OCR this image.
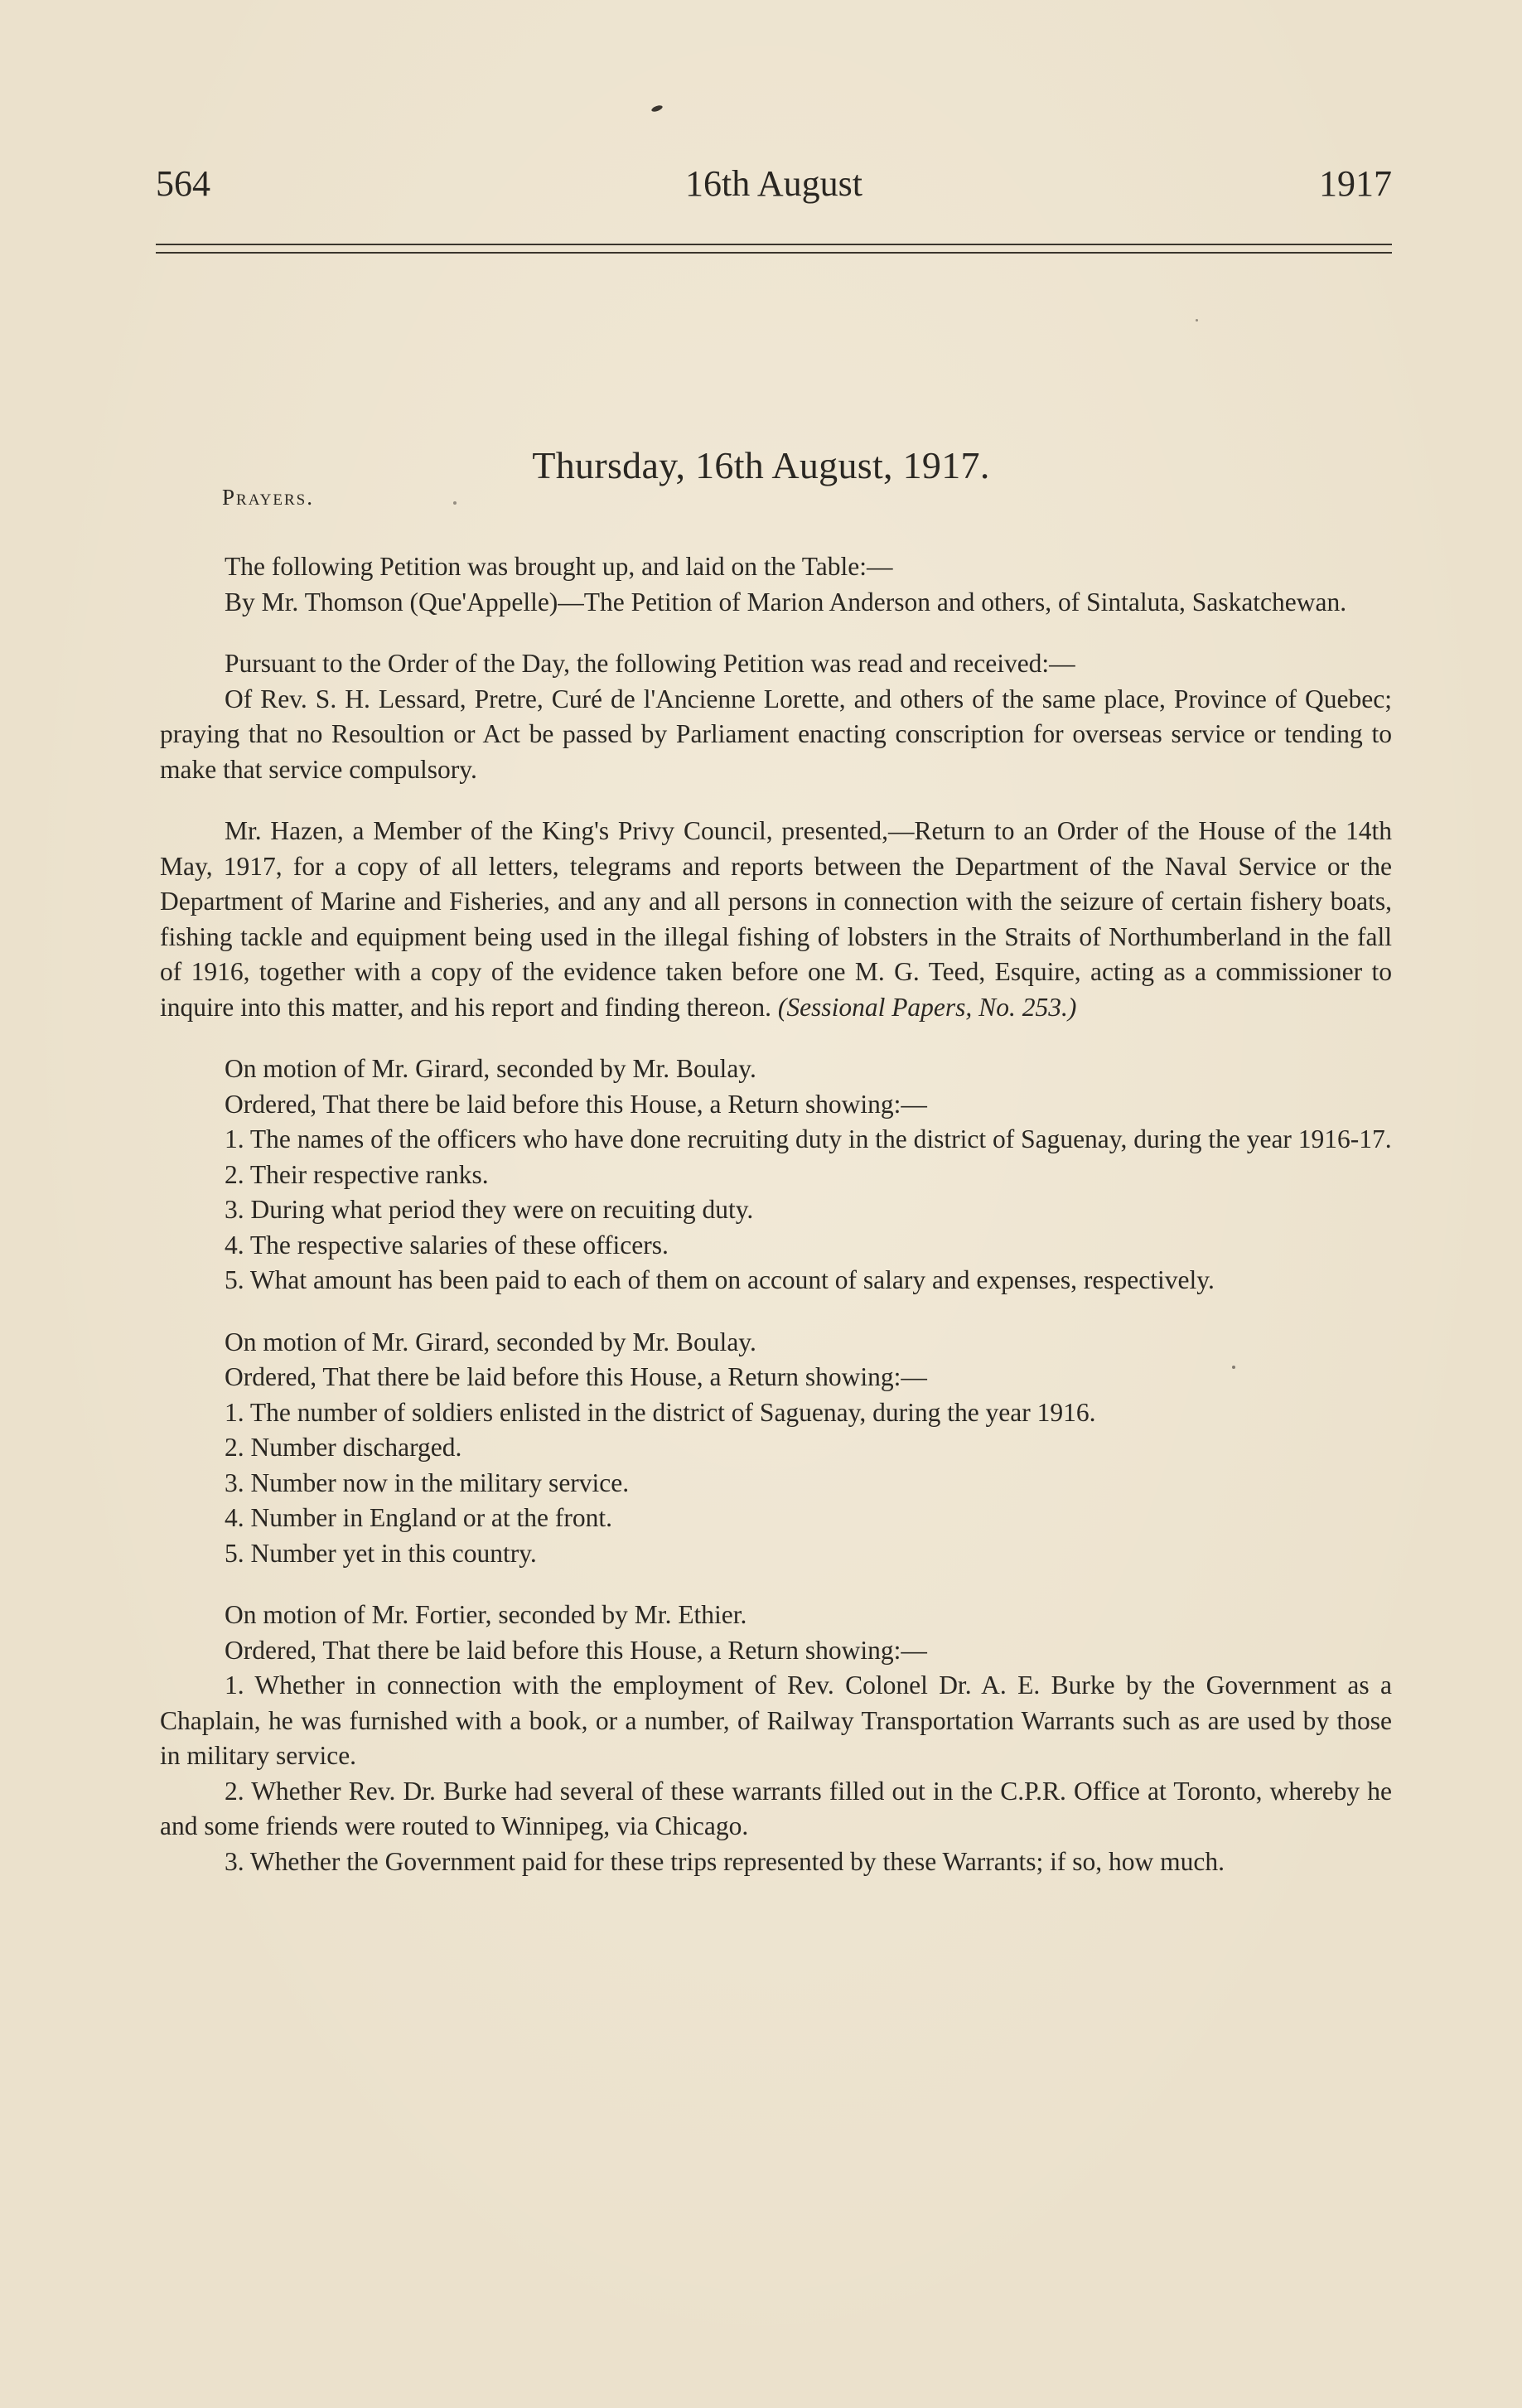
564	16th August	1917
Thursday, 16th August, 1917.
Prayers.

The following Petition was brought up, and laid on the Table:—

By Mr. Thomson (Que'Appelle)—The Petition of Marion Anderson and others, of Sintaluta, Saskatchewan.

Pursuant to the Order of the Day, the following Petition was read and received:—

Of Rev. S. H. Lessard, Pretre, Curé de l'Ancienne Lorette, and others of the same place, Province of Quebec; praying that no Resoultion or Act be passed by Parliament enacting conscription for overseas service or tending to make that service compulsory.

Mr. Hazen, a Member of the King's Privy Council, presented,—Return to an Order of the House of the 14th May, 1917, for a copy of all letters, telegrams and reports between the Department of the Naval Service or the Department of Marine and Fisheries, and any and all persons in connection with the seizure of certain fishery boats, fishing tackle and equipment being used in the illegal fishing of lobsters in the Straits of Northumberland in the fall of 1916, together with a copy of the evidence taken before one M. G. Teed, Esquire, acting as a commissioner to inquire into this matter, and his report and finding thereon. (Sessional Papers, No. 253.)

On motion of Mr. Girard, seconded by Mr. Boulay.

Ordered, That there be laid before this House, a Return showing:—

1. The names of the officers who have done recruiting duty in the district of Saguenay, during the year 1916-17.

2. Their respective ranks.

3. During what period they were on recuiting duty.

4. The respective salaries of these officers.

5. What amount has been paid to each of them on account of salary and expenses, respectively.

On motion of Mr. Girard, seconded by Mr. Boulay.

Ordered, That there be laid before this House, a Return showing:—

1. The number of soldiers enlisted in the district of Saguenay, during the year 1916.

2. Number discharged.

3. Number now in the military service.

4. Number in England or at the front.

5. Number yet in this country.

On motion of Mr. Fortier, seconded by Mr. Ethier.

Ordered, That there be laid before this House, a Return showing:—

1. Whether in connection with the employment of Rev. Colonel Dr. A. E. Burke by the Government as a Chaplain, he was furnished with a book, or a number, of Railway Transportation Warrants such as are used by those in military service.

2. Whether Rev. Dr. Burke had several of these warrants filled out in the C.P.R. Office at Toronto, whereby he and some friends were routed to Winnipeg, via Chicago.

3. Whether the Government paid for these trips represented by these Warrants; if so, how much.
